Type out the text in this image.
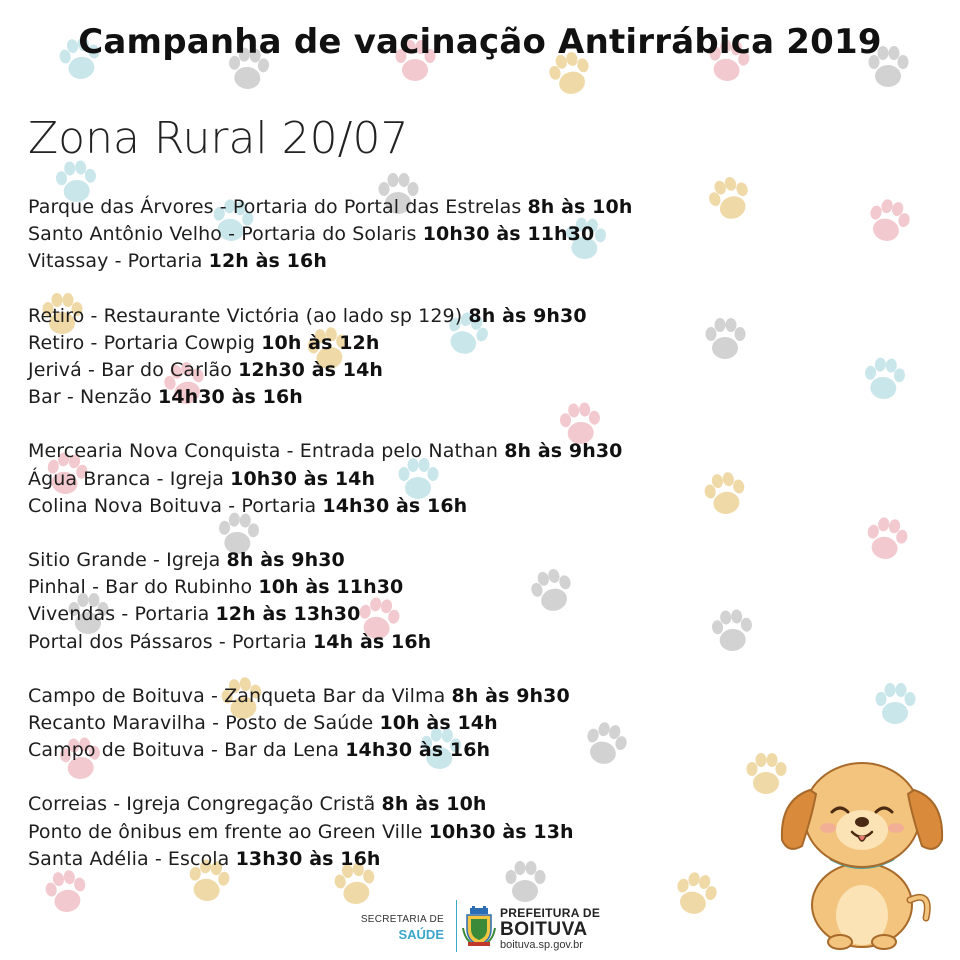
Campanha de vacinação Antirrábica 2019
Zona Rural 20/07
Parque das Árvores - Portaria do Portal das Estrelas 8h às 10h
Santo Antônio Velho - Portaria do Solaris 10h30 às 11h30
Vitassay - Portaria 12h às 16h
Retiro - Restaurante Victória (ao lado sp 129) 8h às 9h30
Retiro - Portaria Cowpig 10h às 12h
Jerivá - Bar do Carlão 12h30 às 14h
Bar - Nenzão 14h30 às 16h
Mercearia Nova Conquista - Entrada pelo Nathan 8h às 9h30
Água Branca - Igreja 10h30 às 14h
Colina Nova Boituva - Portaria 14h30 às 16h
Sitio Grande - Igreja 8h às 9h30
Pinhal - Bar do Rubinho 10h às 11h30
Vivendas - Portaria 12h às 13h30
Portal dos Pássaros - Portaria 14h às 16h
Campo de Boituva - Zanqueta Bar da Vilma 8h às 9h30
Recanto Maravilha - Posto de Saúde 10h às 14h
Campo de Boituva - Bar da Lena 14h30 às 16h
Correias - Igreja Congregação Cristã 8h às 10h
Ponto de ônibus em frente ao Green Ville 10h30 às 13h
Santa Adélia - Escola 13h30 às 16h
SECRETARIA DE
SAÚDE
PREFEITURA DE
BOITUVA
boituva.sp.gov.br
